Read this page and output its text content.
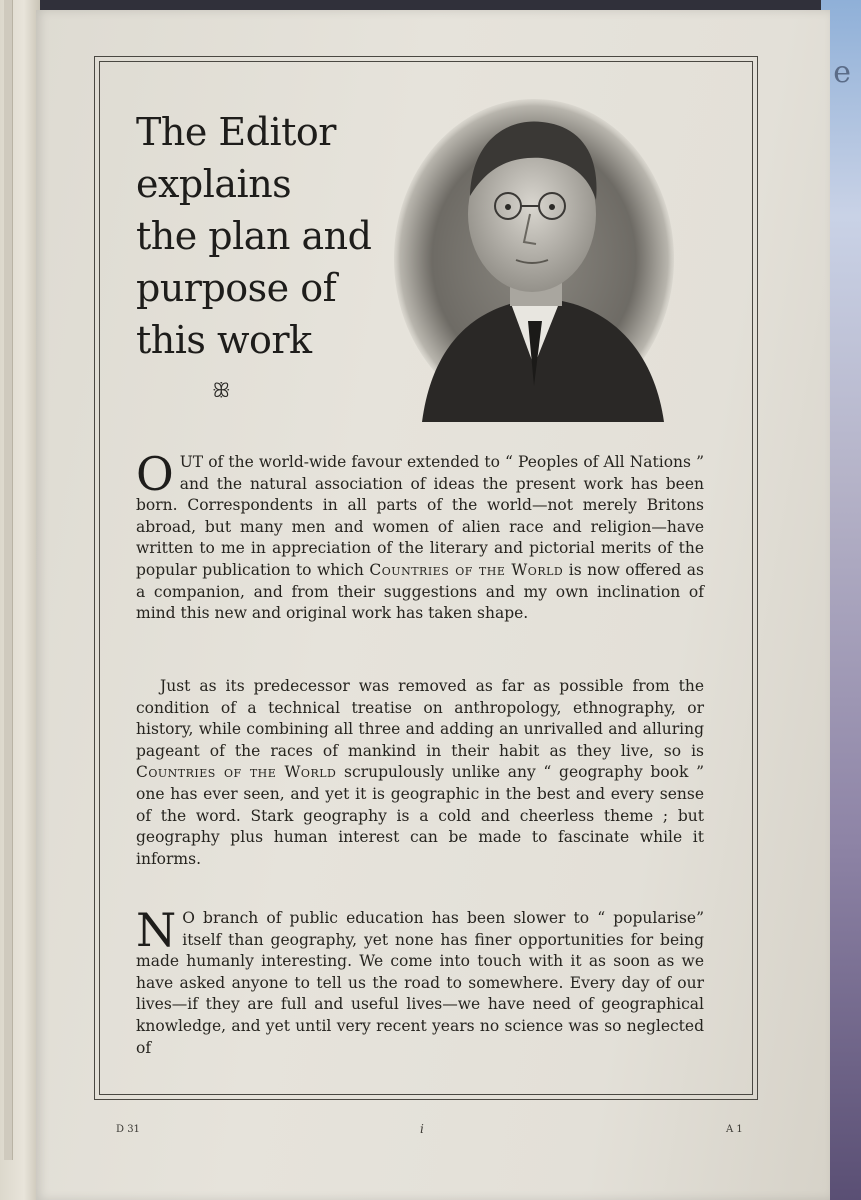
e
The Editor
explains
the plan and
purpose of
this work
ꕥ
OUT of the world-wide favour extended to “ Peoples of All Nations ” and the natural association of ideas the present work has been born. Correspondents in all parts of the world—not merely Britons abroad, but many men and women of alien race and religion—have written to me in appreciation of the literary and pictorial merits of the popular publication to which Countries of the World is now offered as a companion, and from their suggestions and my own inclination of mind this new and original work has taken shape.
Just as its predecessor was removed as far as possible from the condition of a technical treatise on anthropology, ethnography, or history, while combining all three and adding an unrivalled and alluring pageant of the races of mankind in their habit as they live, so is Countries of the World scrupulously unlike any “ geography book ” one has ever seen, and yet it is geographic in the best and every sense of the word. Stark geography is a cold and cheerless theme ; but geography plus human interest can be made to fascinate while it informs.
N O branch of public education has been slower to “ popularise” itself than geography, yet none has finer opportunities for being made humanly interesting. We come into touch with it as soon as we have asked anyone to tell us the road to somewhere. Every day of our lives—if they are full and useful lives—we have need of geographical knowledge, and yet until very recent years no science was so neglected of
D 31	i	A 1
